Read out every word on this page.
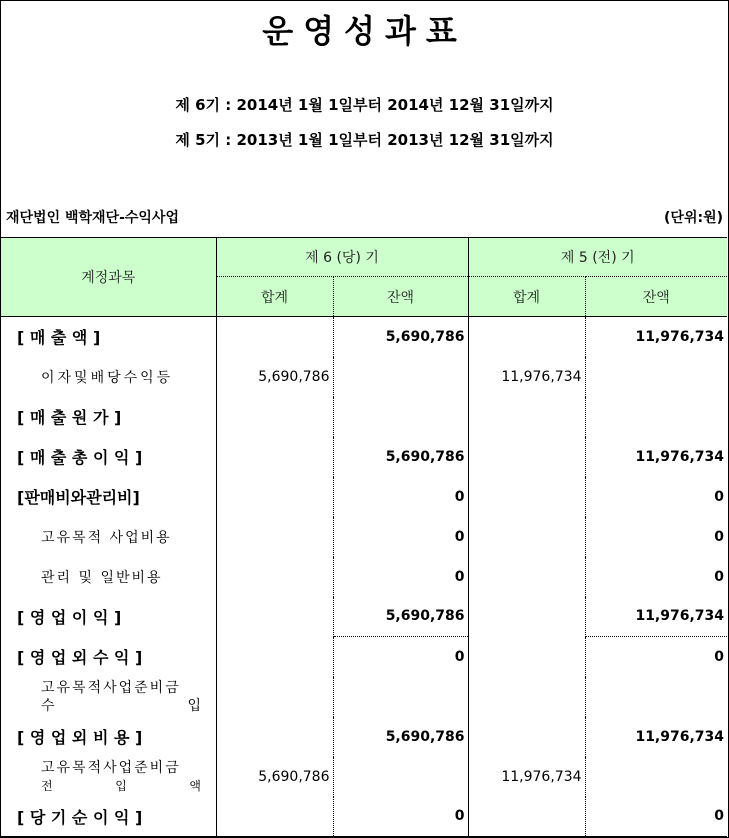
운영성과표
제 6기 : 2014년 1월 1일부터 2014년 12월 31일까지
제 5기 : 2013년 1월 1일부터 2013년 12월 31일까지
재단법인 백학재단-수익사업	(단위:원)
계정과목	제 6 (당) 기		제 5 (전) 기	
	합계	잔액	합계	잔액
[ 매 출 액 ]		5,690,786		11,976,734
이자및배당수익등	5,690,786		11,976,734	
[ 매 출 원 가 ]				
[ 매 출 총 이 익 ]		5,690,786		11,976,734
[판매비와관리비]		0		0
고유목적 사업비용		0		0
관리 및 일반비용		0		0
[ 영 업 이 익 ]		5,690,786		11,976,734
[ 영 업 외 수 익 ]		0		0

고유목적사업준비금
수 입				

[ 영 업 외 비 용 ]		5,690,786		11,976,734

고유목적사업준비금
전 입 액	5,690,786		11,976,734	
[ 당 기 순 이 익 ]		0		0
